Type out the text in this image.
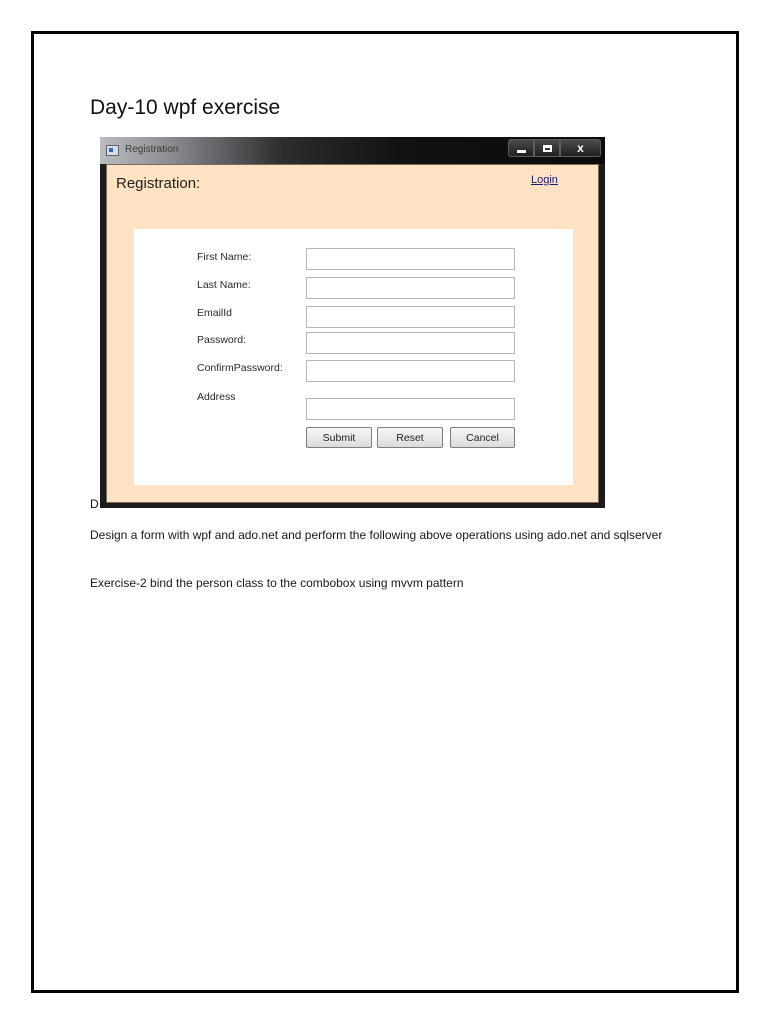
Day-10 wpf exercise
Registration	x
Registration:	Login
First Name:
Last Name:
EmailId
Password:
ConfirmPassword:
Address
Submit	Reset	Cancel
D

Design a form with wpf and ado.net and perform the following above operations using ado.net and sqlserver

Exercise-2 bind the person class to the combobox using mvvm pattern
